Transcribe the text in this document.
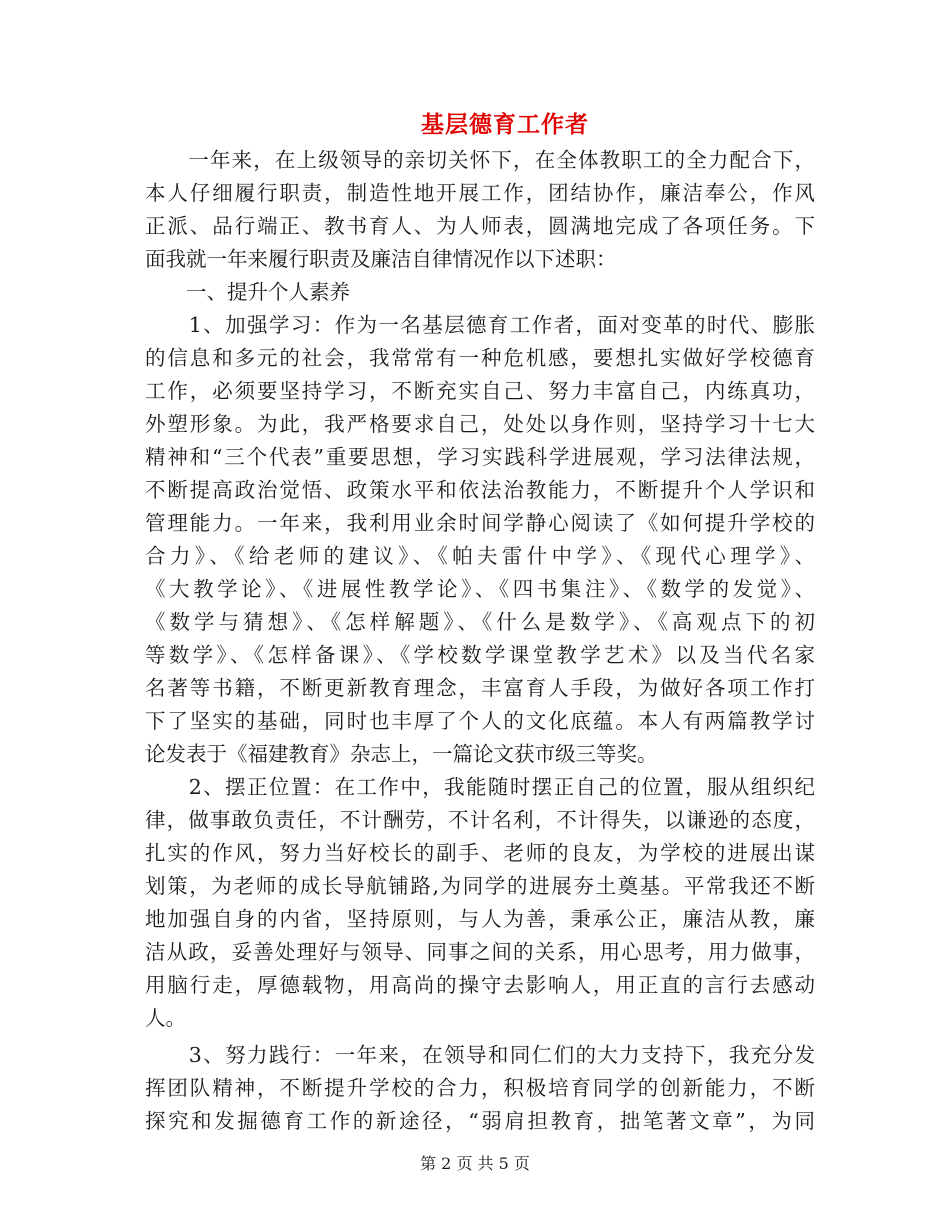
基层德育工作者
　　一年来，在上级领导的亲切关怀下，在全体教职工的全力配合下，
本人仔细履行职责，制造性地开展工作，团结协作，廉洁奉公，作风
正派、品行端正、教书育人、为人师表，圆满地完成了各项任务。下
面我就一年来履行职责及廉洁自律情况作以下述职：
　　一、提升个人素养
　　1、加强学习：作为一名基层德育工作者，面对变革的时代、膨胀
的信息和多元的社会，我常常有一种危机感，要想扎实做好学校德育
工作，必须要坚持学习，不断充实自己、努力丰富自己，内练真功，
外塑形象。为此，我严格要求自己，处处以身作则，坚持学习十七大
精神和“三个代表”重要思想，学习实践科学进展观，学习法律法规，
不断提高政治觉悟、政策水平和依法治教能力，不断提升个人学识和
管理能力。一年来，我利用业余时间学静心阅读了《如何提升学校的
合力》、《给老师的建议》、《帕夫雷什中学》、《现代心理学》、
《大教学论》、《进展性教学论》、《四书集注》、《数学的发觉》、
《数学与猜想》、《怎样解题》、《什么是数学》、《高观点下的初
等数学》、《怎样备课》、《学校数学课堂教学艺术》以及当代名家
名著等书籍，不断更新教育理念，丰富育人手段，为做好各项工作打
下了坚实的基础，同时也丰厚了个人的文化底蕴。本人有两篇教学讨
论发表于《福建教育》杂志上，一篇论文获市级三等奖。
　　2、摆正位置：在工作中，我能随时摆正自己的位置，服从组织纪
律，做事敢负责任，不计酬劳，不计名利，不计得失，以谦逊的态度，
扎实的作风，努力当好校长的副手、老师的良友，为学校的进展出谋
划策，为老师的成长导航铺路,为同学的进展夯土奠基。平常我还不断
地加强自身的内省，坚持原则，与人为善，秉承公正，廉洁从教，廉
洁从政，妥善处理好与领导、同事之间的关系，用心思考，用力做事，
用脑行走，厚德载物，用高尚的操守去影响人，用正直的言行去感动
人。
　　3、努力践行：一年来，在领导和同仁们的大力支持下，我充分发
挥团队精神，不断提升学校的合力，积极培育同学的创新能力，不断
探究和发掘德育工作的新途径，“弱肩担教育，拙笔著文章”，为同
第 2 页 共 5 页
